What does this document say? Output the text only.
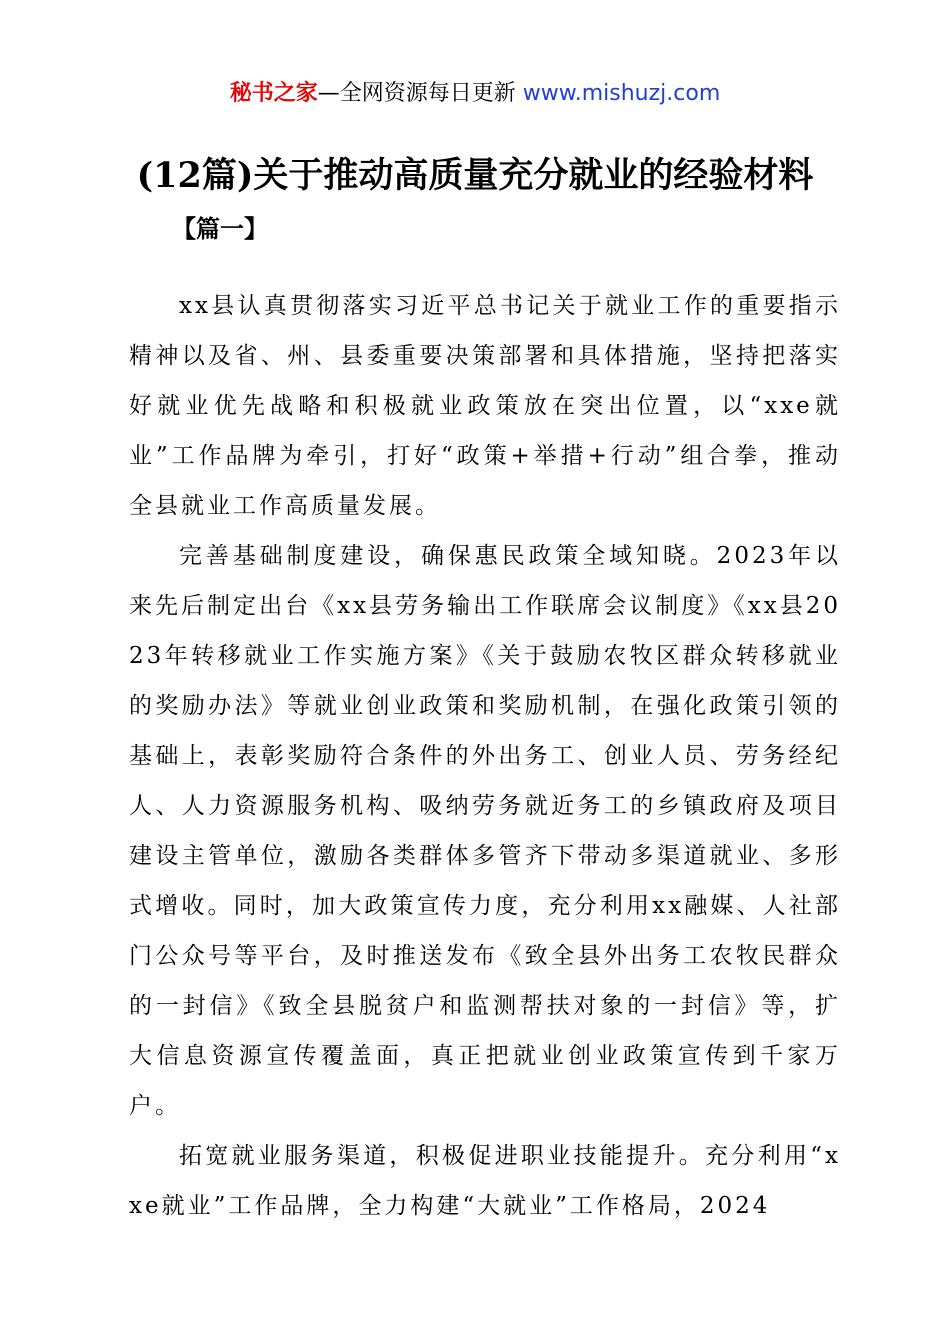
秘书之家—全网资源每日更新 www.mishuzj.com
(12篇)关于推动高质量充分就业的经验材料
【篇一】

xx县认真贯彻落实习近平总书记关于就业工作的重要指示精神以及省、州、县委重要决策部署和具体措施，坚持把落实好就业优先战略和积极就业政策放在突出位置，以“xxe就业”工作品牌为牵引，打好“政策+举措+行动”组合拳，推动全县就业工作高质量发展。

完善基础制度建设，确保惠民政策全域知晓。2023年以来先后制定出台《xx县劳务输出工作联席会议制度》《xx县2023年转移就业工作实施方案》《关于鼓励农牧区群众转移就业的奖励办法》等就业创业政策和奖励机制，在强化政策引领的基础上，表彰奖励符合条件的外出务工、创业人员、劳务经纪人、人力资源服务机构、吸纳劳务就近务工的乡镇政府及项目建设主管单位，激励各类群体多管齐下带动多渠道就业、多形式增收。同时，加大政策宣传力度，充分利用xx融媒、人社部门公众号等平台，及时推送发布《致全县外出务工农牧民群众的一封信》《致全县脱贫户和监测帮扶对象的一封信》等，扩大信息资源宣传覆盖面，真正把就业创业政策宣传到千家万户。

拓宽就业服务渠道，积极促进职业技能提升。充分利用“xxe就业”工作品牌，全力构建“大就业”工作格局，2024
